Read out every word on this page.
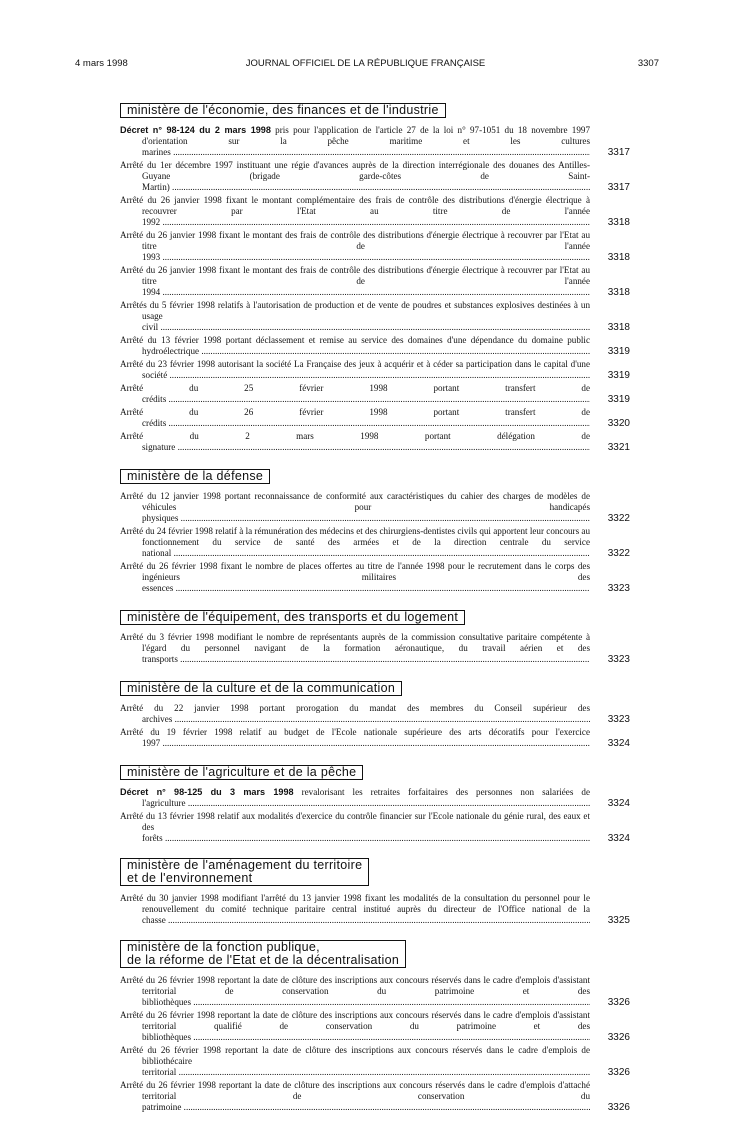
4 mars 1998	JOURNAL OFFICIEL DE LA RÉPUBLIQUE FRANÇAISE	3307
ministère de l'économie, des finances et de l'industrie
Décret n° 98-124 du 2 mars 1998 pris pour l'application de l'article 27 de la loi n° 97-1051 du 18 novembre 1997 d'orientation sur la pêche maritime et les cultures marines .....	3317
Arrêté du 1er décembre 1997 instituant une régie d'avances auprès de la direction interrégionale des douanes des Antilles-Guyane (brigade garde-côtes de Saint-Martin) .....	3317
Arrêté du 26 janvier 1998 fixant le montant complémentaire des frais de contrôle des distributions d'énergie électrique à recouvrer par l'Etat au titre de l'année 1992 .....	3318
Arrêté du 26 janvier 1998 fixant le montant des frais de contrôle des distributions d'énergie électrique à recouvrer par l'Etat au titre de l'année 1993 .....	3318
Arrêté du 26 janvier 1998 fixant le montant des frais de contrôle des distributions d'énergie électrique à recouvrer par l'Etat au titre de l'année 1994 .....	3318
Arrêtés du 5 février 1998 relatifs à l'autorisation de production et de vente de poudres et substances explosives destinées à un usage civil .....	3318
Arrêté du 13 février 1998 portant déclassement et remise au service des domaines d'une dépendance du domaine public hydroélectrique .....	3319
Arrêté du 23 février 1998 autorisant la société La Française des jeux à acquérir et à céder sa participation dans le capital d'une société .....	3319
Arrêté du 25 février 1998 portant transfert de crédits .....	3319
Arrêté du 26 février 1998 portant transfert de crédits .....	3320
Arrêté du 2 mars 1998 portant délégation de signature .....	3321
ministère de la défense
Arrêté du 12 janvier 1998 portant reconnaissance de conformité aux caractéristiques du cahier des charges de modèles de véhicules pour handicapés physiques .....	3322
Arrêté du 24 février 1998 relatif à la rémunération des médecins et des chirurgiens-dentistes civils qui apportent leur concours au fonctionnement du service de santé des armées et de la direction centrale du service national .....	3322
Arrêté du 26 février 1998 fixant le nombre de places offertes au titre de l'année 1998 pour le recrutement dans le corps des ingénieurs militaires des essences .....	3323
ministère de l'équipement, des transports et du logement
Arrêté du 3 février 1998 modifiant le nombre de représentants auprès de la commission consultative paritaire compétente à l'égard du personnel navigant de la formation aéronautique, du travail aérien et des transports .....	3323
ministère de la culture et de la communication
Arrêté du 22 janvier 1998 portant prorogation du mandat des membres du Conseil supérieur des archives .....	3323
Arrêté du 19 février 1998 relatif au budget de l'Ecole nationale supérieure des arts décoratifs pour l'exercice 1997 .....	3324
ministère de l'agriculture et de la pêche
Décret n° 98-125 du 3 mars 1998 revalorisant les retraites forfaitaires des personnes non salariées de l'agriculture .....	3324
Arrêté du 13 février 1998 relatif aux modalités d'exercice du contrôle financier sur l'Ecole nationale du génie rural, des eaux et des forêts .....	3324
ministère de l'aménagement du territoire
et de l'environnement
Arrêté du 30 janvier 1998 modifiant l'arrêté du 13 janvier 1998 fixant les modalités de la consultation du personnel pour le renouvellement du comité technique paritaire central institué auprès du directeur de l'Office national de la chasse .....	3325
ministère de la fonction publique,
de la réforme de l'Etat et de la décentralisation
Arrêté du 26 février 1998 reportant la date de clôture des inscriptions aux concours réservés dans le cadre d'emplois d'assistant territorial de conservation du patrimoine et des bibliothèques .....	3326
Arrêté du 26 février 1998 reportant la date de clôture des inscriptions aux concours réservés dans le cadre d'emplois d'assistant territorial qualifié de conservation du patrimoine et des bibliothèques .....	3326
Arrêté du 26 février 1998 reportant la date de clôture des inscriptions aux concours réservés dans le cadre d'emplois de bibliothécaire territorial .....	3326
Arrêté du 26 février 1998 reportant la date de clôture des inscriptions aux concours réservés dans le cadre d'emplois d'attaché territorial de conservation du patrimoine .....	3326
